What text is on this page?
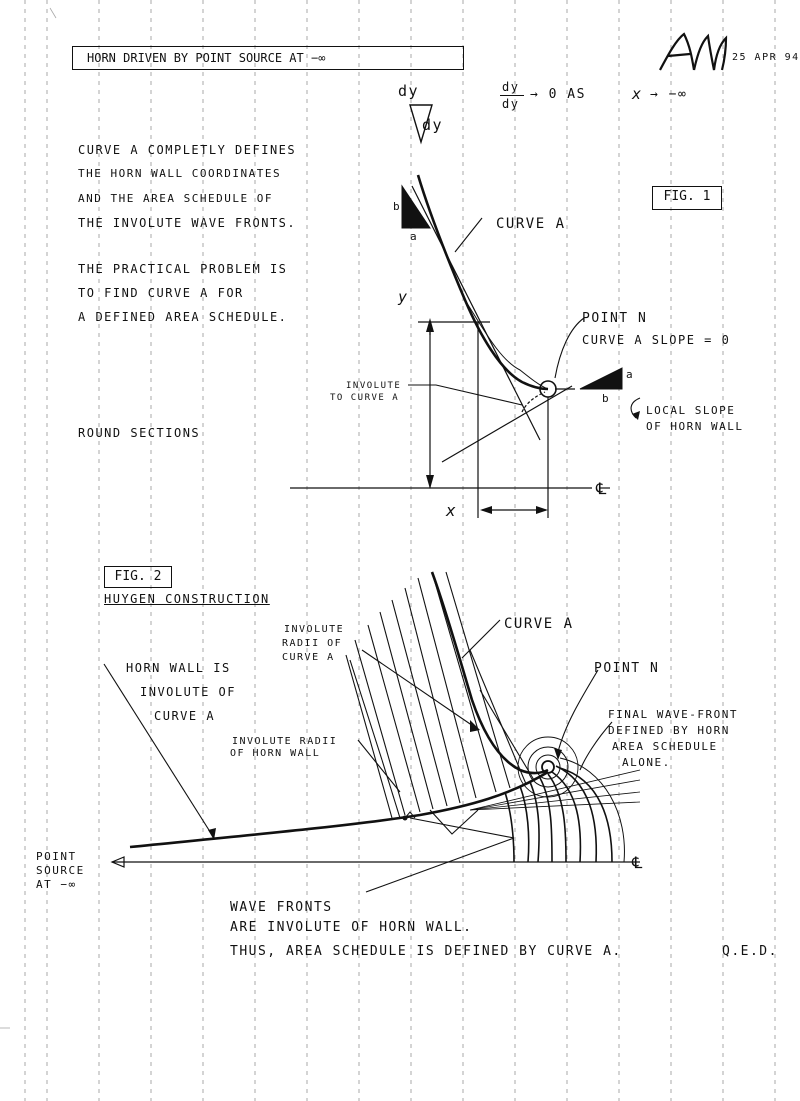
dy
dy
b
a
CURVE A
y
POINT N
CURVE A SLOPE = 0
INVOLUTE
TO CURVE A
a
b
LOCAL SLOPE
OF HORN WALL
℄
x
CURVE A
INVOLUTE
RADII OF
CURVE A
POINT N
HORN WALL IS
INVOLUTE OF
CURVE A	FINAL WAVE-FRONT
DEFINED BY HORN
AREA SCHEDULE
ALONE.
INVOLUTE RADII
OF HORN WALL
POINT
SOURCE
AT −∞
℄
HORN DRIVEN BY POINT SOURCE AT −∞	25 APR 94
dy
dy
→ 0 AS	x → −∞
CURVE A COMPLETLY DEFINES
THE HORN WALL COORDINATES
AND THE AREA SCHEDULE OF
THE INVOLUTE WAVE FRONTS.
THE PRACTICAL PROBLEM IS
TO FIND CURVE A FOR
A DEFINED AREA SCHEDULE.
ROUND SECTIONS
FIG. 1
FIG. 2
HUYGEN CONSTRUCTION
WAVE FRONTS
ARE INVOLUTE OF HORN WALL.
THUS, AREA SCHEDULE IS DEFINED BY CURVE A.	Q.E.D.
